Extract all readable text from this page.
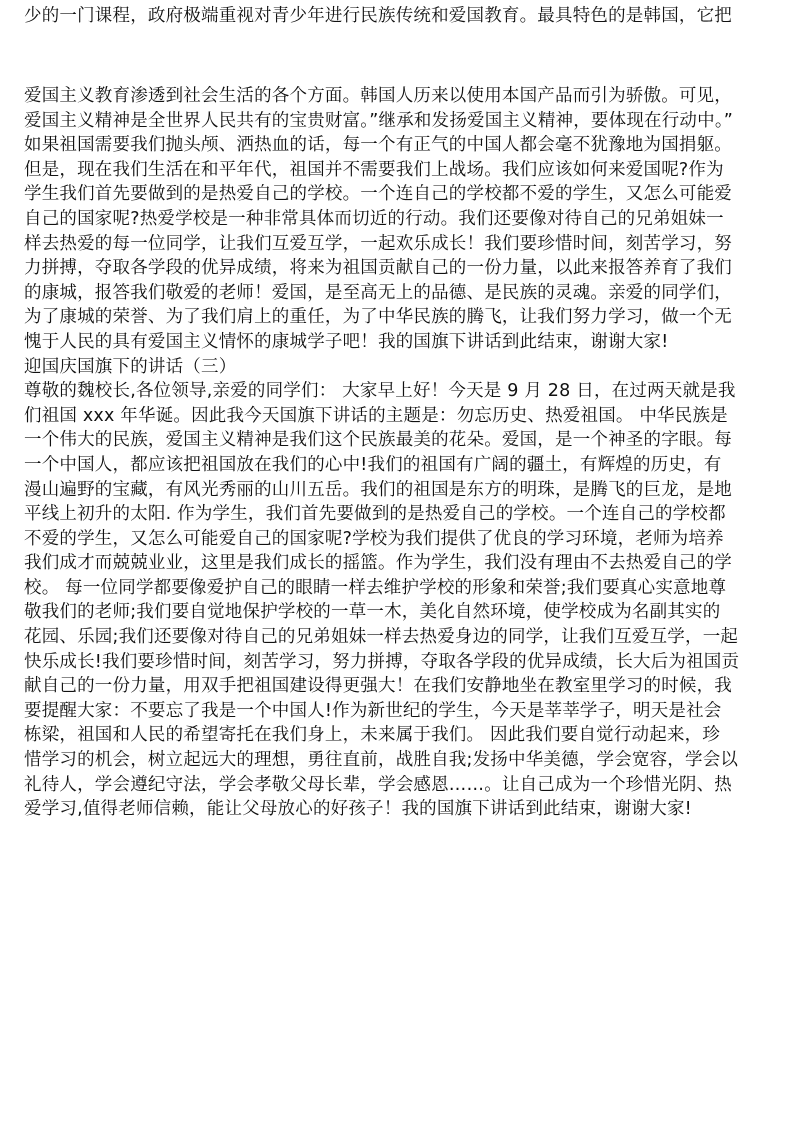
少的一门课程，政府极端重视对青少年进行民族传统和爱国教育。最具特色的是韩国，它把

爱国主义教育渗透到社会生活的各个方面。韩国人历来以使用本国产品而引为骄傲。可见，
爱国主义精神是全世界人民共有的宝贵财富。”继承和发扬爱国主义精神，要体现在行动中。”
如果祖国需要我们抛头颅、洒热血的话，每一个有正气的中国人都会毫不犹豫地为国捐躯。
但是，现在我们生活在和平年代，祖国并不需要我们上战场。我们应该如何来爱国呢?作为
学生我们首先要做到的是热爱自己的学校。一个连自己的学校都不爱的学生，又怎么可能爱
自己的国家呢?热爱学校是一种非常具体而切近的行动。我们还要像对待自己的兄弟姐妹一
样去热爱的每一位同学，让我们互爱互学，一起欢乐成长！我们要珍惜时间，刻苦学习，努
力拼搏，夺取各学段的优异成绩，将来为祖国贡献自己的一份力量，以此来报答养育了我们
的康城，报答我们敬爱的老师！爱国，是至高无上的品德、是民族的灵魂。亲爱的同学们，
为了康城的荣誉、为了我们肩上的重任，为了中华民族的腾飞，让我们努力学习，做一个无
愧于人民的具有爱国主义情怀的康城学子吧！我的国旗下讲话到此结束，谢谢大家!
迎国庆国旗下的讲话（三）
尊敬的魏校长,各位领导,亲爱的同学们： 大家早上好！今天是 9 月 28 日，在过两天就是我
们祖国 xxx 年华诞。因此我今天国旗下讲话的主题是：勿忘历史、热爱祖国。 中华民族是
一个伟大的民族，爱国主义精神是我们这个民族最美的花朵。爱国，是一个神圣的字眼。每
一个中国人，都应该把祖国放在我们的心中!我们的祖国有广阔的疆土，有辉煌的历史，有
漫山遍野的宝藏，有风光秀丽的山川五岳。我们的祖国是东方的明珠，是腾飞的巨龙，是地
平线上初升的太阳. 作为学生，我们首先要做到的是热爱自己的学校。一个连自己的学校都
不爱的学生，又怎么可能爱自己的国家呢?学校为我们提供了优良的学习环境，老师为培养
我们成才而兢兢业业，这里是我们成长的摇篮。作为学生，我们没有理由不去热爱自己的学
校。 每一位同学都要像爱护自己的眼睛一样去维护学校的形象和荣誉;我们要真心实意地尊
敬我们的老师;我们要自觉地保护学校的一草一木，美化自然环境，使学校成为名副其实的
花园、乐园;我们还要像对待自己的兄弟姐妹一样去热爱身边的同学，让我们互爱互学，一起
快乐成长!我们要珍惜时间，刻苦学习，努力拼搏，夺取各学段的优异成绩，长大后为祖国贡
献自己的一份力量，用双手把祖国建设得更强大！在我们安静地坐在教室里学习的时候，我
要提醒大家：不要忘了我是一个中国人!作为新世纪的学生，今天是莘莘学子，明天是社会
栋梁，祖国和人民的希望寄托在我们身上，未来属于我们。 因此我们要自觉行动起来，珍
惜学习的机会，树立起远大的理想，勇往直前，战胜自我;发扬中华美德，学会宽容，学会以
礼待人，学会遵纪守法，学会孝敬父母长辈，学会感恩……。让自己成为一个珍惜光阴、热
爱学习,值得老师信赖，能让父母放心的好孩子！我的国旗下讲话到此结束，谢谢大家!
